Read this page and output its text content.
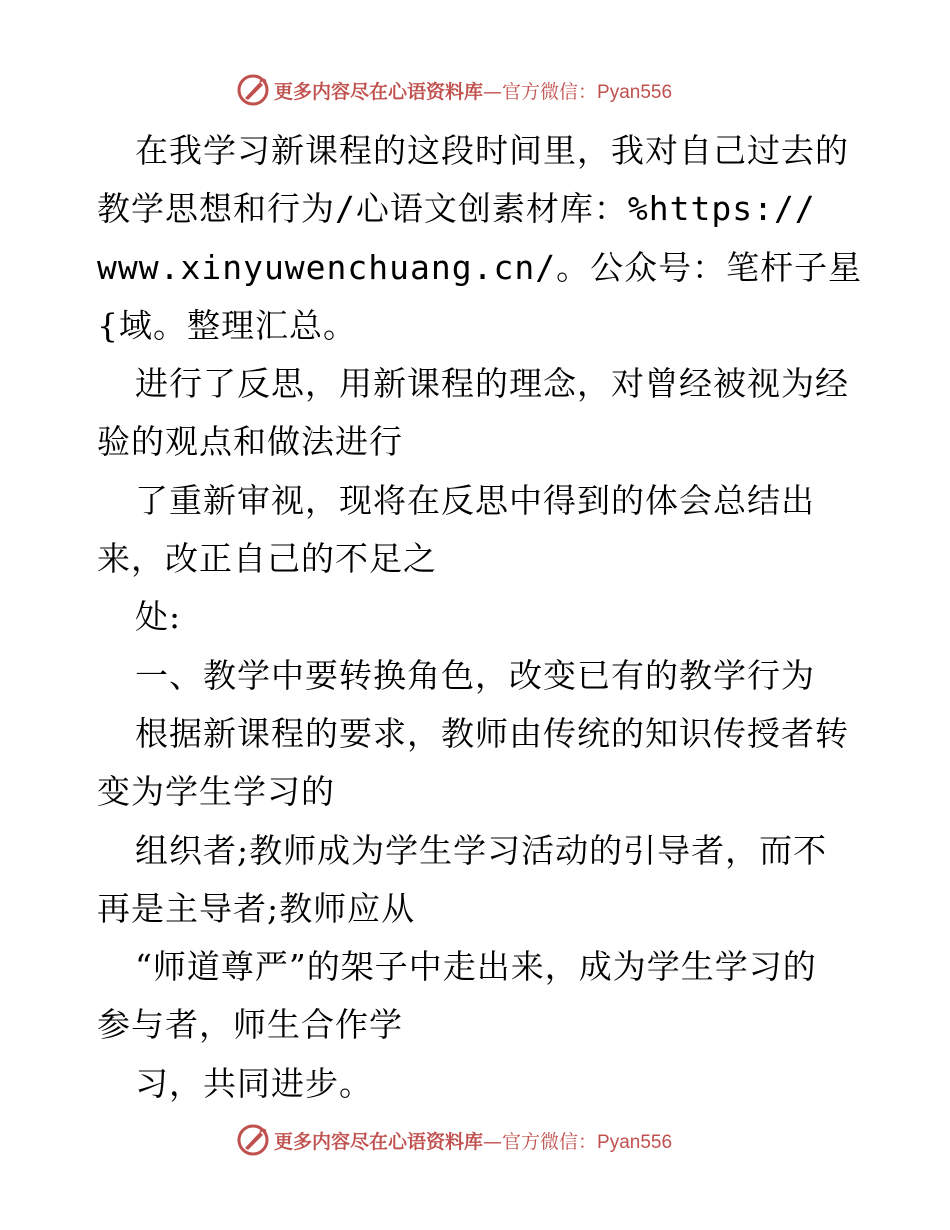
更多内容尽在心语资料库—官方微信：Pyan556
在我学习新课程的这段时间里，我对自己过去的
教学思想和行为/心语文创素材库：%https://
www.xinyuwenchuang.cn/。公众号：笔杆子星
{域。整理汇总。
进行了反思，用新课程的理念，对曾经被视为经
验的观点和做法进行
了重新审视，现将在反思中得到的体会总结出
来，改正自己的不足之
处:
一、教学中要转换角色，改变已有的教学行为
根据新课程的要求，教师由传统的知识传授者转
变为学生学习的
组织者;教师成为学生学习活动的引导者，而不
再是主导者;教师应从
“师道尊严”的架子中走出来，成为学生学习的
参与者，师生合作学
习，共同进步。
更多内容尽在心语资料库—官方微信：Pyan556
